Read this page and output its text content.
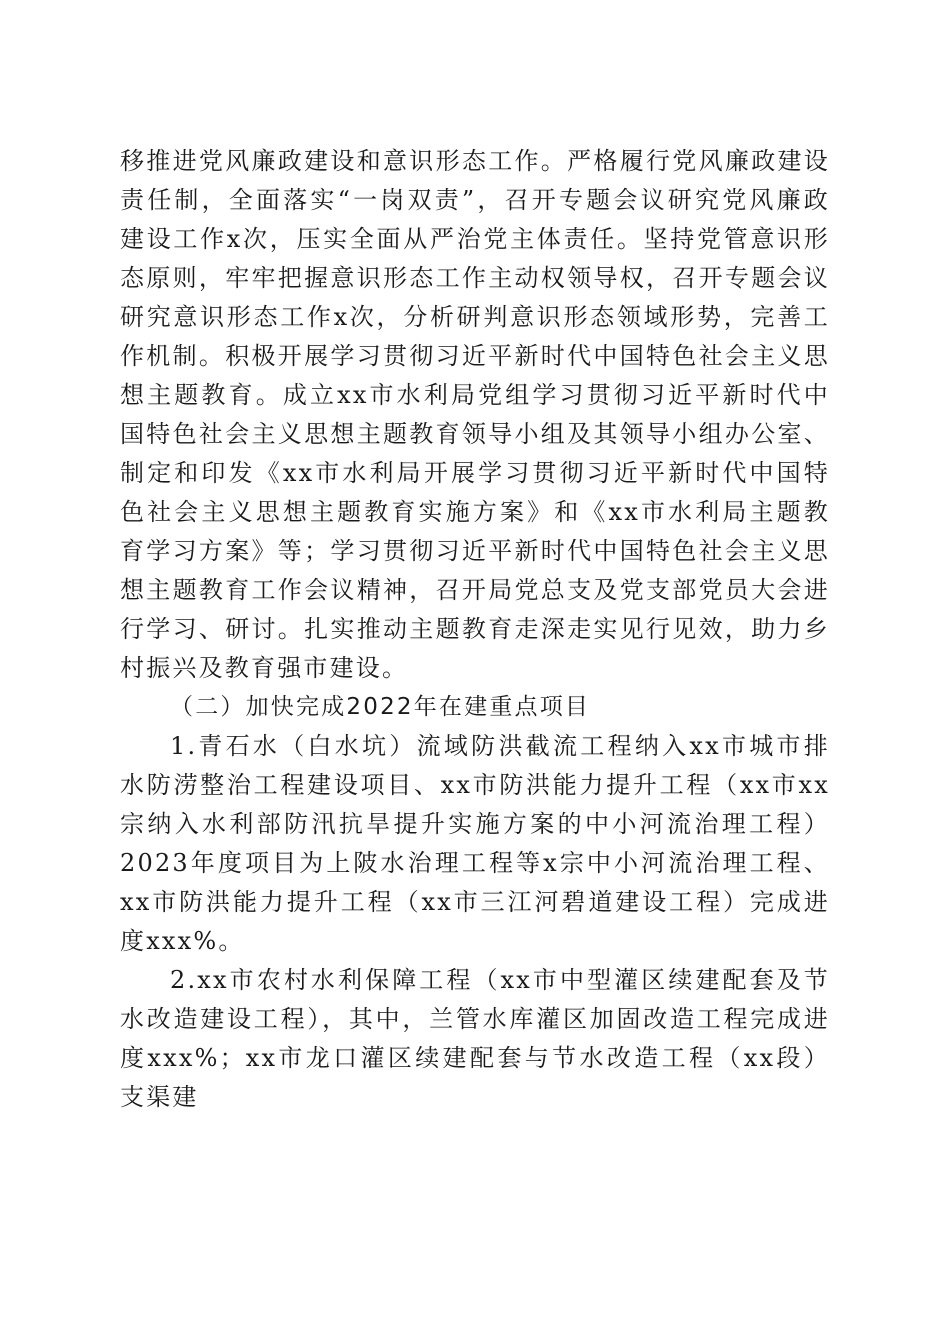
移推进党风廉政建设和意识形态工作。严格履行党风廉政建设责任制，全面落实“一岗双责”，召开专题会议研究党风廉政建设工作x次，压实全面从严治党主体责任。坚持党管意识形态原则，牢牢把握意识形态工作主动权领导权，召开专题会议研究意识形态工作x次，分析研判意识形态领域形势，完善工作机制。积极开展学习贯彻习近平新时代中国特色社会主义思想主题教育。成立xx市水利局党组学习贯彻习近平新时代中国特色社会主义思想主题教育领导小组及其领导小组办公室、制定和印发《xx市水利局开展学习贯彻习近平新时代中国特色社会主义思想主题教育实施方案》和《xx市水利局主题教育学习方案》等；学习贯彻习近平新时代中国特色社会主义思想主题教育工作会议精神，召开局党总支及党支部党员大会进行学习、研讨。扎实推动主题教育走深走实见行见效，助力乡村振兴及教育强市建设。

（二）加快完成2022年在建重点项目

1.青石水（白水坑）流域防洪截流工程纳入xx市城市排水防涝整治工程建设项目、xx市防洪能力提升工程（xx市xx宗纳入水利部防汛抗旱提升实施方案的中小河流治理工程）2023年度项目为上陂水治理工程等x宗中小河流治理工程、xx市防洪能力提升工程（xx市三江河碧道建设工程）完成进度xxx%。

2.xx市农村水利保障工程（xx市中型灌区续建配套及节水改造建设工程），其中，兰管水库灌区加固改造工程完成进度xxx%；xx市龙口灌区续建配套与节水改造工程（xx段）支渠建
